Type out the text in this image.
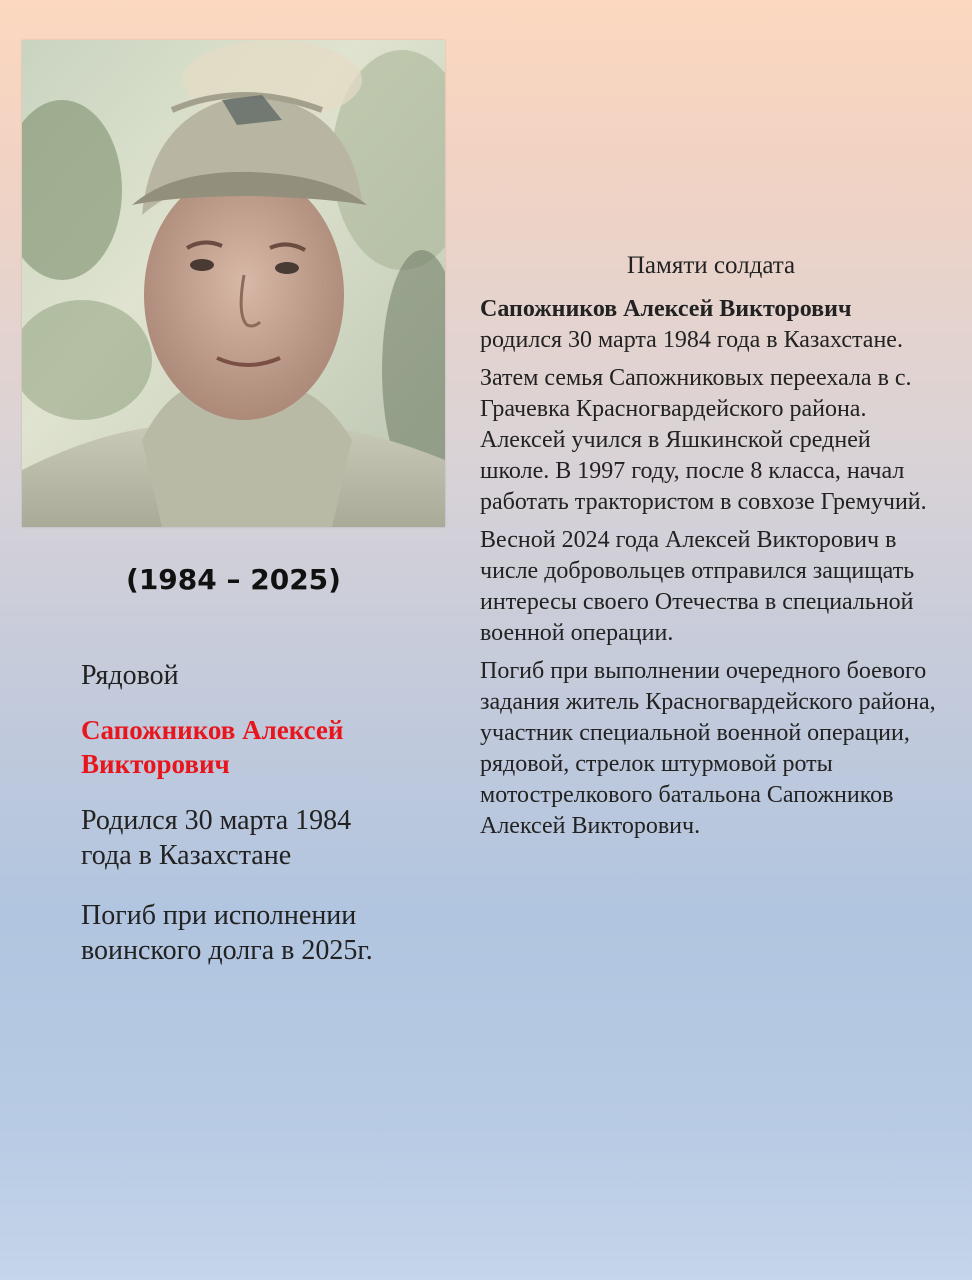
(1984 – 2025)

Рядовой

Сапожников Алексей Викторович

Родился 30 марта 1984 года в Казахстане

Погиб при исполнении воинского долга в 2025г.

Памяти солдата

Сапожников Алексей Викторович
родился 30 марта 1984 года в Казахстане.

Затем семья Сапожниковых переехала в с. Грачевка Красногвардейского района. Алексей учился в Яшкинской средней школе. В 1997 году, после 8 класса, начал работать трактористом в совхозе Гремучий.

Весной 2024 года Алексей Викторович в числе добровольцев отправился защищать интересы своего Отечества в специальной военной операции.

Погиб при выполнении очередного боевого задания житель Красногвардейского района, участник специальной военной операции, рядовой, стрелок штурмовой роты мотострелкового батальона Сапожников Алексей Викторович.
